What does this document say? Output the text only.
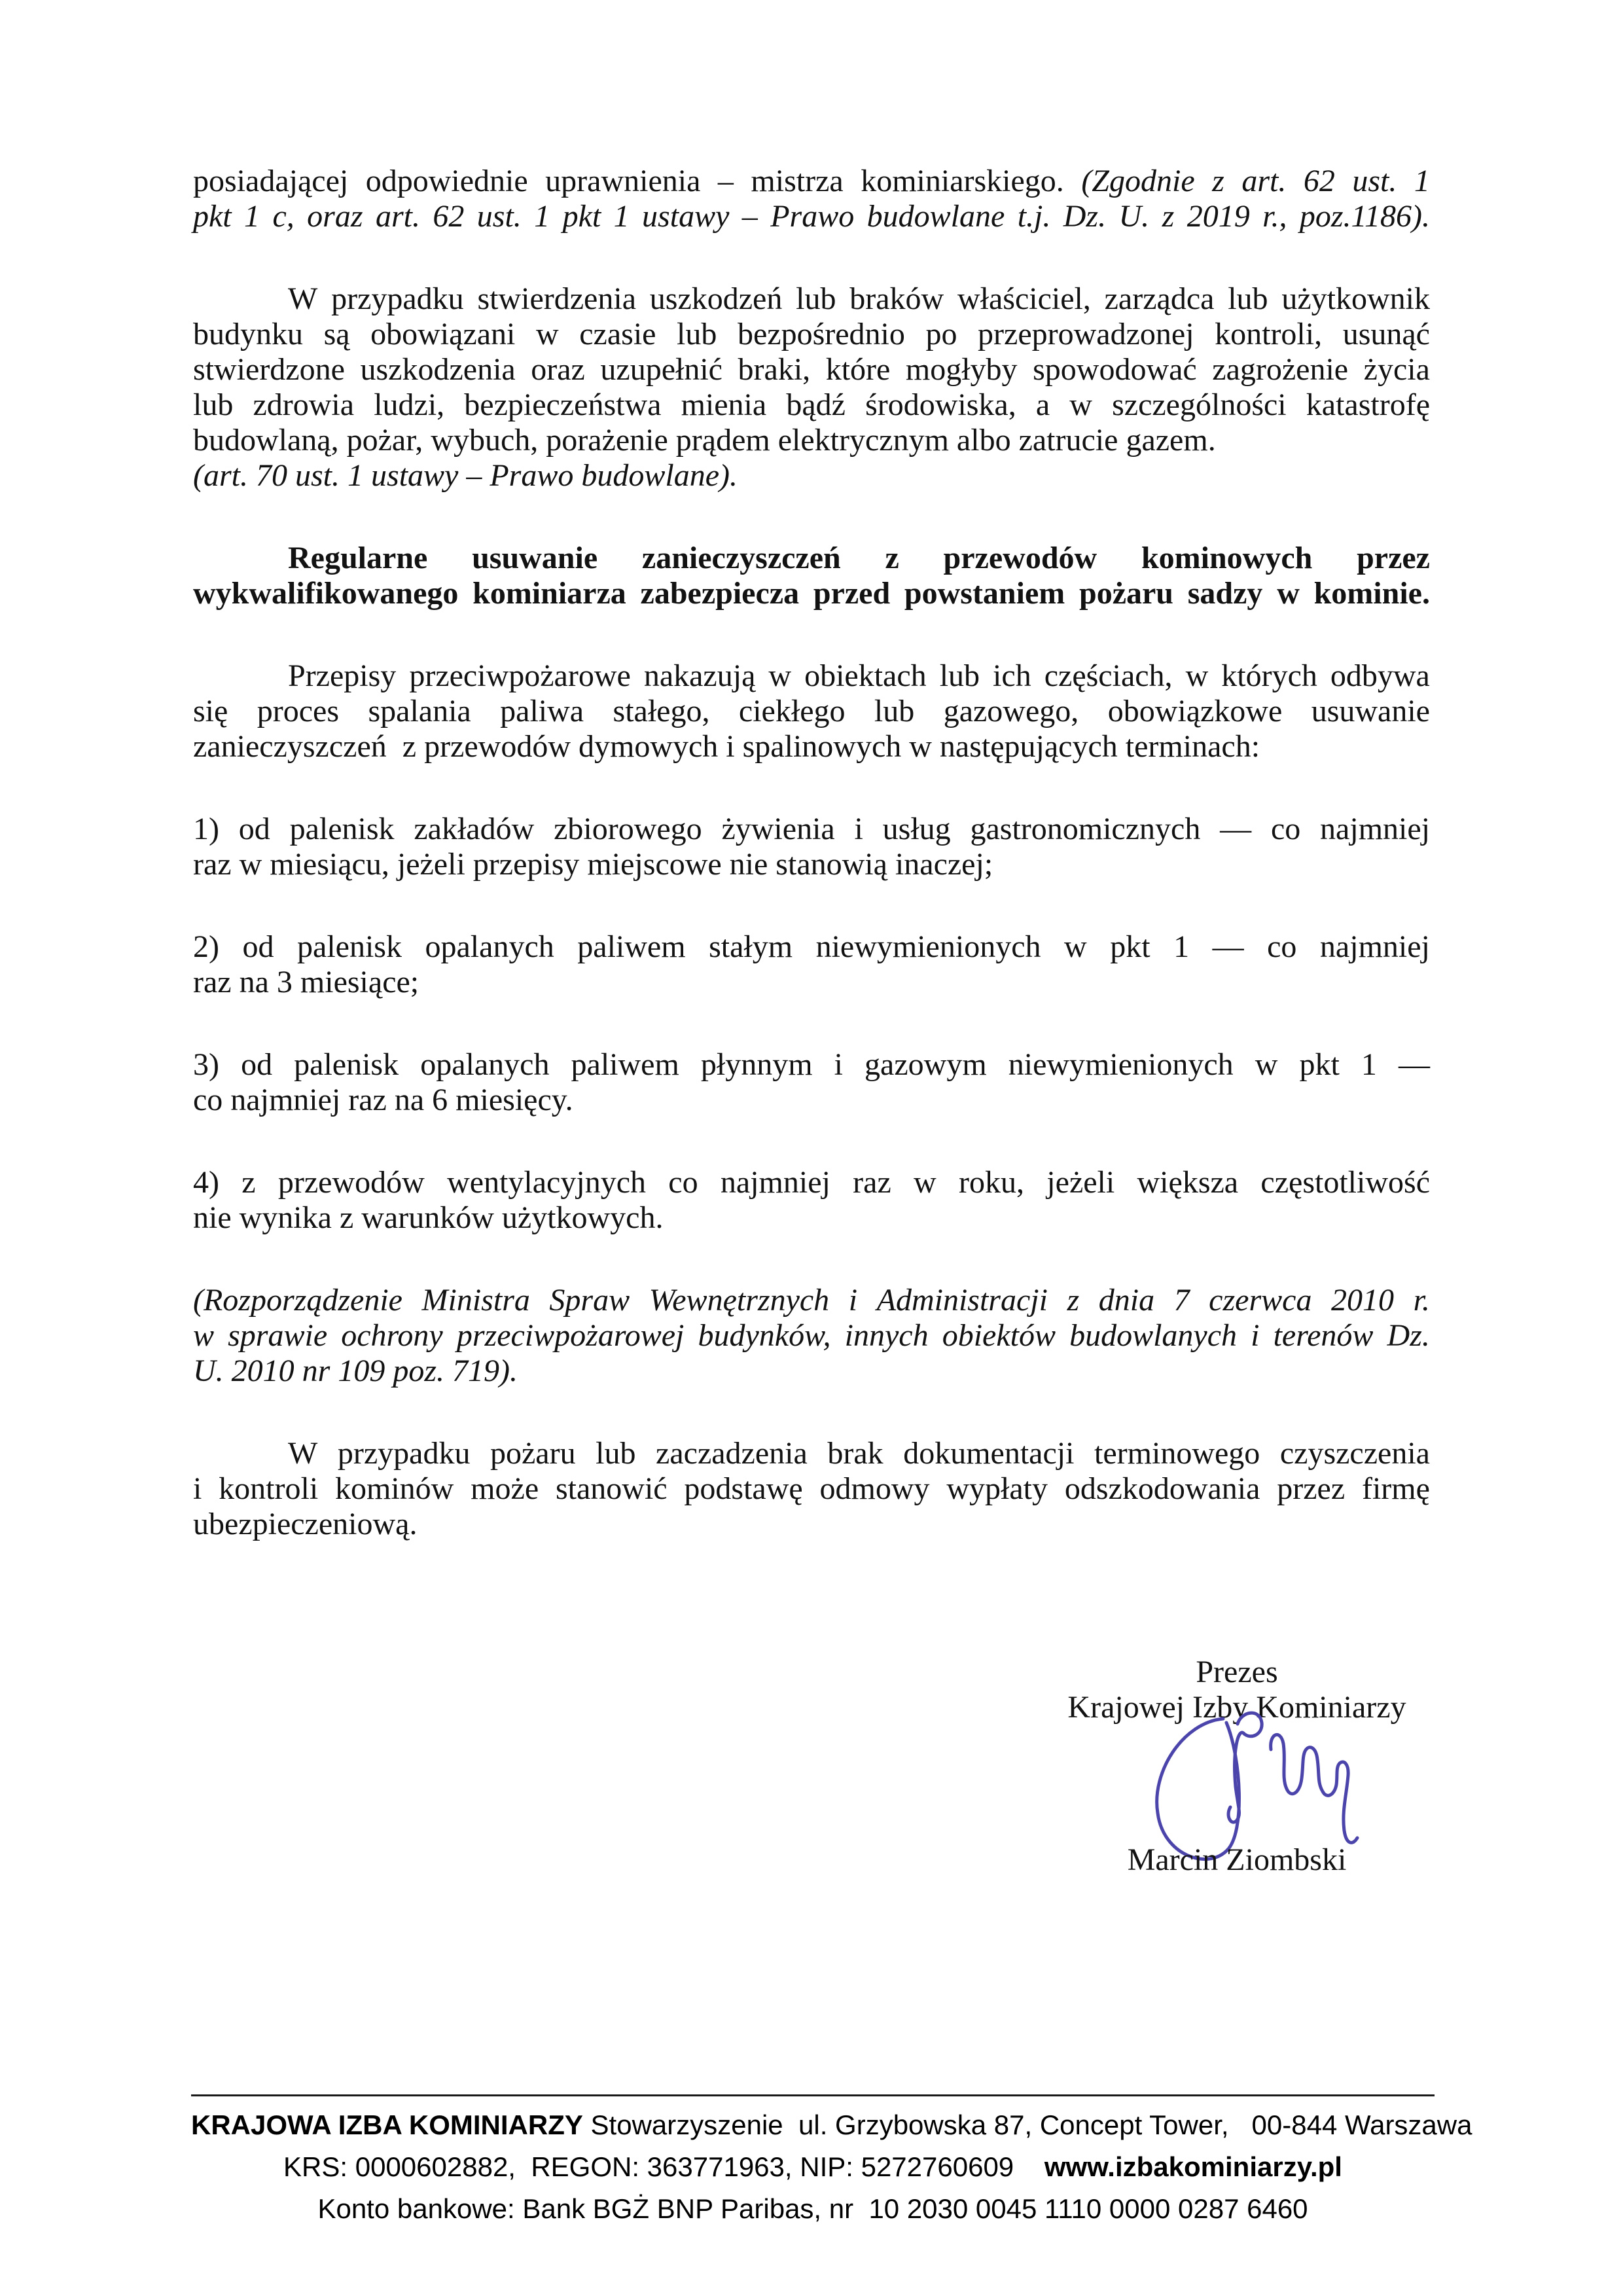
posiadającej odpowiednie uprawnienia – mistrza kominiarskiego. (Zgodnie z art. 62 ust. 1
pkt 1 c, oraz art. 62 ust. 1 pkt 1 ustawy – Prawo budowlane t.j. Dz. U. z 2019 r., poz.1186).
W przypadku stwierdzenia uszkodzeń lub braków właściciel, zarządca lub użytkownik
budynku są obowiązani w czasie lub bezpośrednio po przeprowadzonej kontroli, usunąć
stwierdzone uszkodzenia oraz uzupełnić braki, które mogłyby spowodować zagrożenie życia
lub zdrowia ludzi, bezpieczeństwa mienia bądź środowiska, a w szczególności katastrofę
budowlaną, pożar, wybuch, porażenie prądem elektrycznym albo zatrucie gazem.
(art. 70 ust. 1 ustawy – Prawo budowlane).
Regularne usuwanie zanieczyszczeń z przewodów kominowych przez
wykwalifikowanego kominiarza zabezpiecza przed powstaniem pożaru sadzy w kominie.
Przepisy przeciwpożarowe nakazują w obiektach lub ich częściach, w których odbywa
się proces spalania paliwa stałego, ciekłego lub gazowego, obowiązkowe usuwanie
zanieczyszczeń  z przewodów dymowych i spalinowych w następujących terminach:
1) od palenisk zakładów zbiorowego żywienia i usług gastronomicznych — co najmniej
raz w miesiącu, jeżeli przepisy miejscowe nie stanowią inaczej;
2) od palenisk opalanych paliwem stałym niewymienionych w pkt 1 — co najmniej
raz na 3 miesiące;
3) od palenisk opalanych paliwem płynnym i gazowym niewymienionych w pkt 1 —
co najmniej raz na 6 miesięcy.
4) z przewodów wentylacyjnych co najmniej raz w roku, jeżeli większa częstotliwość
nie wynika z warunków użytkowych.
(Rozporządzenie Ministra Spraw Wewnętrznych i Administracji z dnia 7 czerwca 2010 r.
w sprawie ochrony przeciwpożarowej budynków, innych obiektów budowlanych i terenów Dz.
U. 2010 nr 109 poz. 719).
W przypadku pożaru lub zaczadzenia brak dokumentacji terminowego czyszczenia
i kontroli kominów może stanowić podstawę odmowy wypłaty odszkodowania przez firmę
ubezpieczeniową.
Prezes
Krajowej Izby Kominiarzy
Marcin Ziombski
KRAJOWA IZBA KOMINIARZY Stowarzyszenie  ul. Grzybowska 87, Concept Tower,   00-844 Warszawa
KRS: 0000602882,  REGON: 363771963, NIP: 5272760609    www.izbakominiarzy.pl
Konto bankowe: Bank BGŻ BNP Paribas, nr  10 2030 0045 1110 0000 0287 6460
